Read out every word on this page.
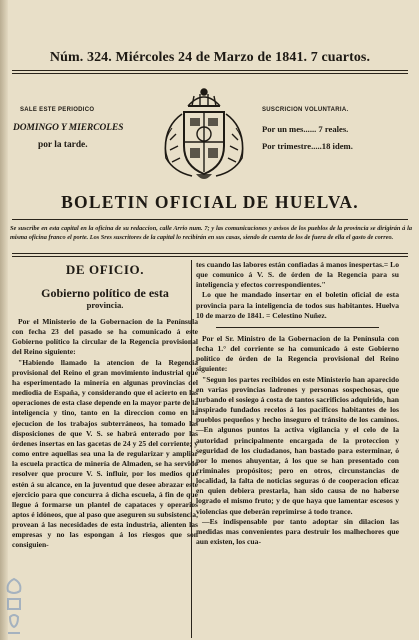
Núm. 324. Miércoles 24 de Marzo de 1841. 7 cuartos.
SALE ESTE PERIODICO
DOMINGO Y MIERCOLES
por la tarde.
SUSCRICION VOLUNTARIA.
Por un mes...... 7 reales.
Por trimestre.....18 idem.
BOLETIN OFICIAL DE HUELVA.
Se suscribe en esta capital en la oficina de su redaccion, calle Arrio num. 7; y las comunicaciones y avisos de los pueblos de la provincia se dirigirán á la misma oficina franco el porte. Los Sres suscritores de la capital lo recibirán en sus casas, siendo de cuenta de los de fuera de ella el gasto de correo.
DE OFICIO.
Gobierno político de esta
provincia.

Por el Ministerio de la Gobernacion de la Península con fecha 23 del pasado se ha comunicado á este Gobierno político la circular de la Regencia provisional del Reino siguiente:

"Habiendo llamado la atencion de la Regencia provisional del Reino el gran movimiento industrial que ha esperimentado la minería en algunas provincias del mediodia de España, y considerando que el acierto en las operaciones de esta clase depende en la mayor parte de la inteligencia y tino, tanto en la direccion como en la ejecucion de los trabajos subterráneos, ha tomado las disposiciones de que V. S. se habrá enterado por las órdenes insertas en las gacetas de 24 y 25 del corriente; y como entre aquellas sea una la de regularizar y ampliar la escuela practica de minería de Almaden, se ha servido resolver que procure V. S. influir, por los medios que estén á su alcance, en la juventud que desee abrazar este ejercicio para que concurra á dicha escuela, á fin de que llegue á formarse un plantel de capataces y operarios aptos é idóneos, que al paso que aseguren su subsistencia, provean á las necesidades de esta industria, alienten las empresas y no las espongan á los riesgos que son consiguien-

tes cuando las labores están confiadas á manos inespertas.= Lo que comunico á V. S. de órden de la Regencia para su inteligencia y efectos correspondientes."

Lo que he mandado insertar en el boletin oficial de esta provincia para la inteligencia de todos sus habitantes. Huelva 10 de marzo de 1841. = Celestino Nuñez.

Por el Sr. Ministro de la Gobernacion de la Península con fecha 1.° del corriente se ha comunicado á este Gobierno político de órden de la Regencia provisional del Reino siguiente:

"Segun los partes recibidos en este Ministerio han aparecido en varias provincias ladrones y personas sospechosas, que turbando el sosiego á costa de tantos sacrificios adquirido, han inspirado fundados recelos á los pacíficos habitantes de los pueblos pequeños y hecho inseguro el tránsito de los caminos.—En algunos puntos la activa vigilancia y el celo de la autoridad principalmente encargada de la proteccion y seguridad de los ciudadanos, han bastado para esterminar, ó por lo menos ahuyentar, á los que se han presentado con criminales propósitos; pero en otros, circunstancias de localidad, la falta de noticias seguras ó de cooperacion eficaz en quien debiera prestarla, han sido causa de no haberse logrado el mismo fruto; y de que haya que lamentar escesos y violencias que deberán reprimirse á todo trance.

—Es indispensable por tanto adoptar sin dilacion las medidas mas convenientes para destruir los malhechores que aun existen, los cua-
